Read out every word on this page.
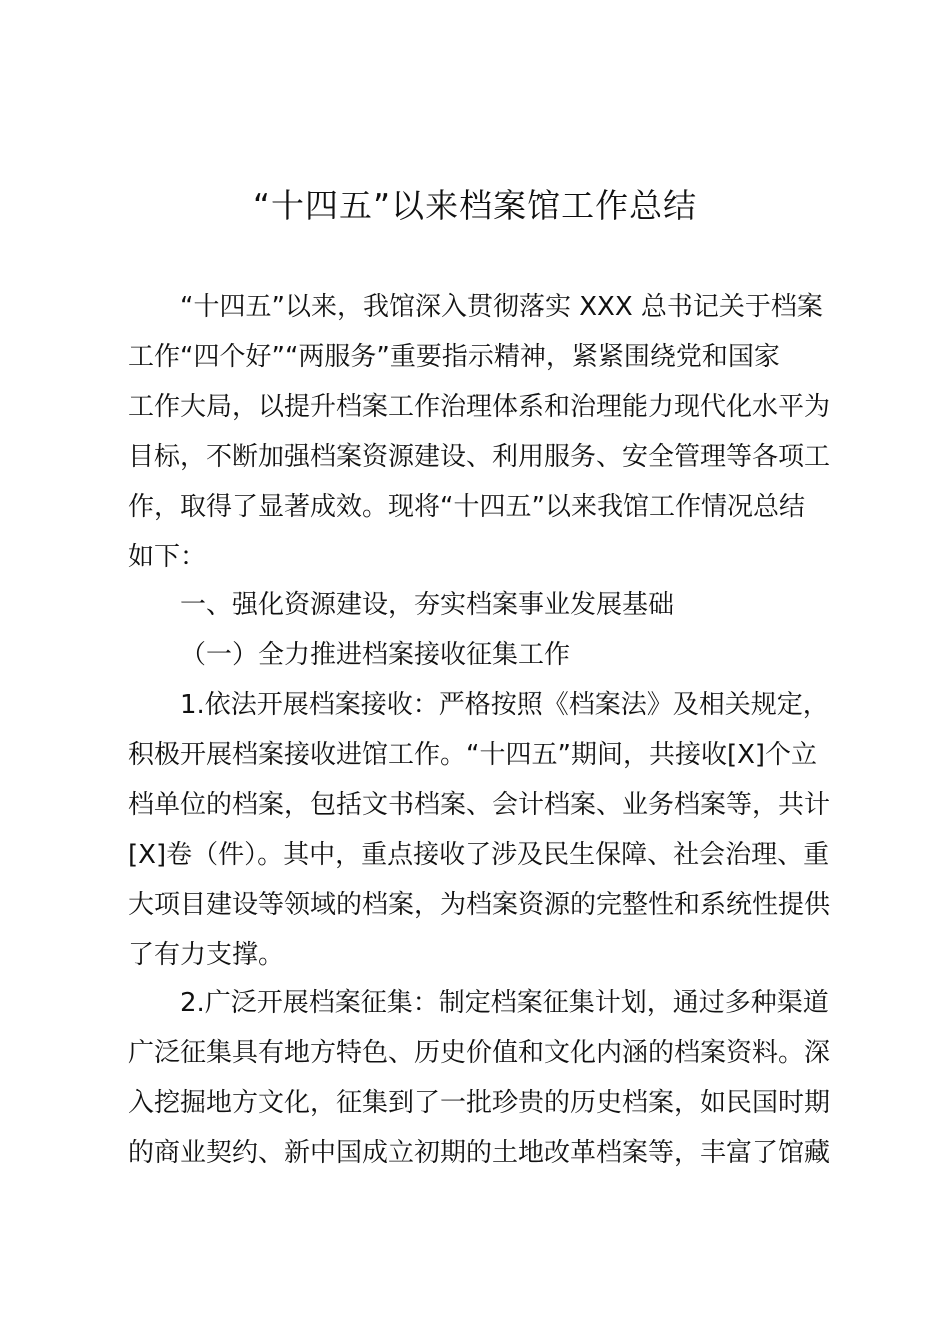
“十四五”以来档案馆工作总结
“十四五”以来，我馆深入贯彻落实 XXX 总书记关于档案
工作“四个好”“两服务”重要指示精神，紧紧围绕党和国家
工作大局，以提升档案工作治理体系和治理能力现代化水平为
目标，不断加强档案资源建设、利用服务、安全管理等各项工
作，取得了显著成效。现将“十四五”以来我馆工作情况总结
如下：
一、强化资源建设，夯实档案事业发展基础
（一）全力推进档案接收征集工作
1.依法开展档案接收：严格按照《档案法》及相关规定，
积极开展档案接收进馆工作。“十四五”期间，共接收[X]个立
档单位的档案，包括文书档案、会计档案、业务档案等，共计
[X]卷（件）。其中，重点接收了涉及民生保障、社会治理、重
大项目建设等领域的档案，为档案资源的完整性和系统性提供
了有力支撑。
2.广泛开展档案征集：制定档案征集计划，通过多种渠道
广泛征集具有地方特色、历史价值和文化内涵的档案资料。深
入挖掘地方文化，征集到了一批珍贵的历史档案，如民国时期
的商业契约、新中国成立初期的土地改革档案等，丰富了馆藏
